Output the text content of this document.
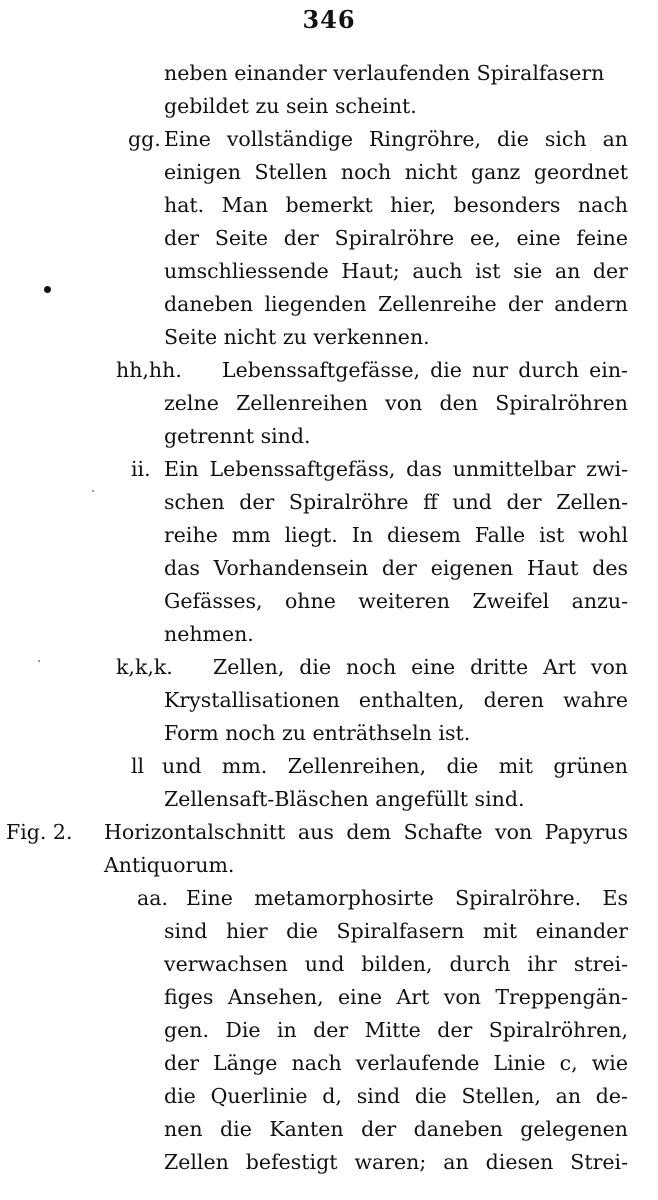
346
neben einander verlaufenden Spiralfasern
gebildet zu sein scheint.
gg. Eine vollständige Ringröhre, die sich an
einigen Stellen noch nicht ganz geordnet
hat. Man bemerkt hier, besonders nach
der Seite der Spiralröhre ee, eine feine
umschliessende Haut; auch ist sie an der
daneben liegenden Zellenreihe der andern
Seite nicht zu verkennen.
hh,hh. Lebenssaftgefässe, die nur durch ein-
zelne Zellenreihen von den Spiralröhren
getrennt sind.
ii. Ein Lebenssaftgefäss, das unmittelbar zwi-
schen der Spiralröhre ff und der Zellen-
reihe mm liegt. In diesem Falle ist wohl
das Vorhandensein der eigenen Haut des
Gefässes, ohne weiteren Zweifel anzu-
nehmen.
k,k,k. Zellen, die noch eine dritte Art von
Krystallisationen enthalten, deren wahre
Form noch zu enträthseln ist.
ll und mm. Zellenreihen, die mit grünen
Zellensaft-Bläschen angefüllt sind.
Fig. 2. Horizontalschnitt aus dem Schafte von Papyrus
Antiquorum.
aa. Eine metamorphosirte Spiralröhre. Es
sind hier die Spiralfasern mit einander
verwachsen und bilden, durch ihr strei-
figes Ansehen, eine Art von Treppengän-
gen. Die in der Mitte der Spiralröhren,
der Länge nach verlaufende Linie c, wie
die Querlinie d, sind die Stellen, an de-
nen die Kanten der daneben gelegenen
Zellen befestigt waren; an diesen Strei-
